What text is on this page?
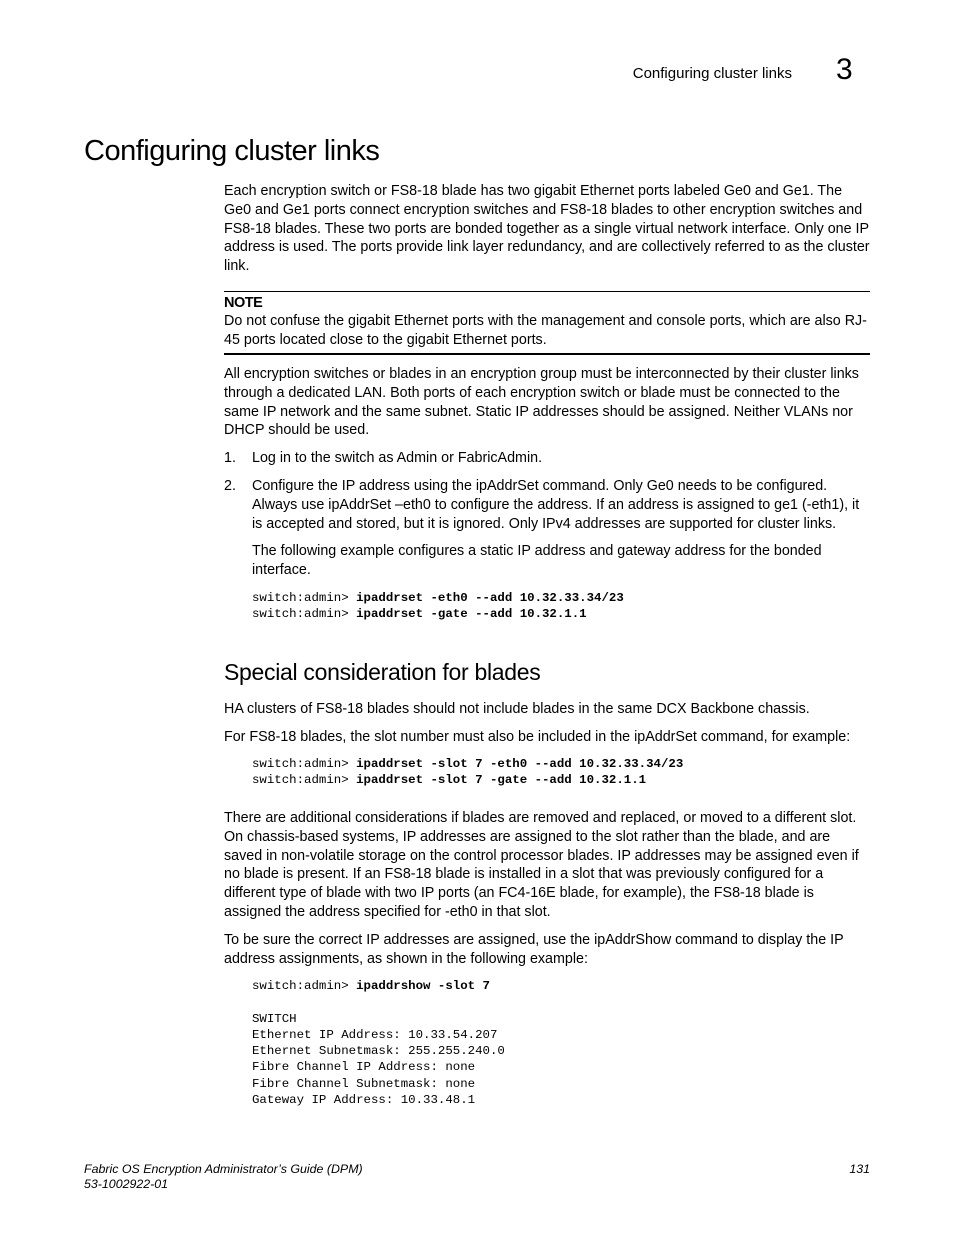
Configuring cluster links 3
Configuring cluster links
Each encryption switch or FS8-18 blade has two gigabit Ethernet ports labeled Ge0 and Ge1. The Ge0 and Ge1 ports connect encryption switches and FS8-18 blades to other encryption switches and FS8-18 blades. These two ports are bonded together as a single virtual network interface. Only one IP address is used. The ports provide link layer redundancy, and are collectively referred to as the cluster link.
NOTE
Do not confuse the gigabit Ethernet ports with the management and console ports, which are also RJ-45 ports located close to the gigabit Ethernet ports.
All encryption switches or blades in an encryption group must be interconnected by their cluster links through a dedicated LAN. Both ports of each encryption switch or blade must be connected to the same IP network and the same subnet. Static IP addresses should be assigned. Neither VLANs nor DHCP should be used.
1. Log in to the switch as Admin or FabricAdmin.
2. Configure the IP address using the ipAddrSet command. Only Ge0 needs to be configured. Always use ipAddrSet –eth0 to configure the address. If an address is assigned to ge1 (-eth1), it is accepted and stored, but it is ignored. Only IPv4 addresses are supported for cluster links.
The following example configures a static IP address and gateway address for the bonded interface.
switch:admin> ipaddrset -eth0 --add 10.32.33.34/23
switch:admin> ipaddrset -gate --add 10.32.1.1
Special consideration for blades
HA clusters of FS8-18 blades should not include blades in the same DCX Backbone chassis.
For FS8-18 blades, the slot number must also be included in the ipAddrSet command, for example:
switch:admin> ipaddrset -slot 7 -eth0 --add 10.32.33.34/23
switch:admin> ipaddrset -slot 7 -gate --add 10.32.1.1
There are additional considerations if blades are removed and replaced, or moved to a different slot. On chassis-based systems, IP addresses are assigned to the slot rather than the blade, and are saved in non-volatile storage on the control processor blades. IP addresses may be assigned even if no blade is present. If an FS8-18 blade is installed in a slot that was previously configured for a different type of blade with two IP ports (an FC4-16E blade, for example), the FS8-18 blade is assigned the address specified for -eth0 in that slot.
To be sure the correct IP addresses are assigned, use the ipAddrShow command to display the IP address assignments, as shown in the following example:
switch:admin> ipaddrshow -slot 7

SWITCH
Ethernet IP Address: 10.33.54.207
Ethernet Subnetmask: 255.255.240.0
Fibre Channel IP Address: none
Fibre Channel Subnetmask: none
Gateway IP Address: 10.33.48.1
Fabric OS Encryption Administrator’s Guide (DPM)
53-1002922-01
131
